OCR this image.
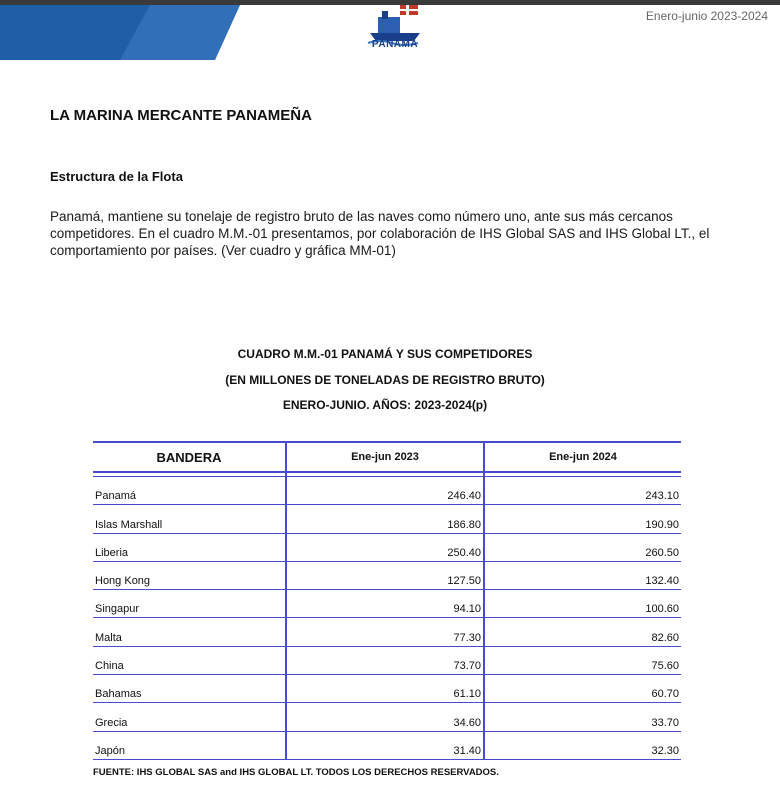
PANAMÁ
Enero-junio 2023-2024
LA MARINA MERCANTE PANAMEÑA
Estructura de la Flota
Panamá, mantiene su tonelaje de registro bruto de las naves como número uno, ante sus más cercanos competidores. En el cuadro M.M.-01 presentamos, por colaboración de IHS Global SAS and IHS Global LT., el comportamiento por países. (Ver cuadro y gráfica MM-01)
CUADRO M.M.-01 PANAMÁ Y SUS COMPETIDORES
(EN MILLONES DE TONELADAS DE REGISTRO BRUTO)
ENERO-JUNIO. AÑOS: 2023-2024(p)
BANDERA	Ene-jun 2023	Ene-jun 2024

Panamá	246.40	243.10
Islas Marshall	186.80	190.90
Liberia	250.40	260.50
Hong Kong	127.50	132.40
Singapur	94.10	100.60
Malta	77.30	82.60
China	73.70	75.60
Bahamas	61.10	60.70
Grecia	34.60	33.70
Japón	31.40	32.30
FUENTE: IHS GLOBAL SAS and IHS GLOBAL LT. TODOS LOS DERECHOS RESERVADOS.
